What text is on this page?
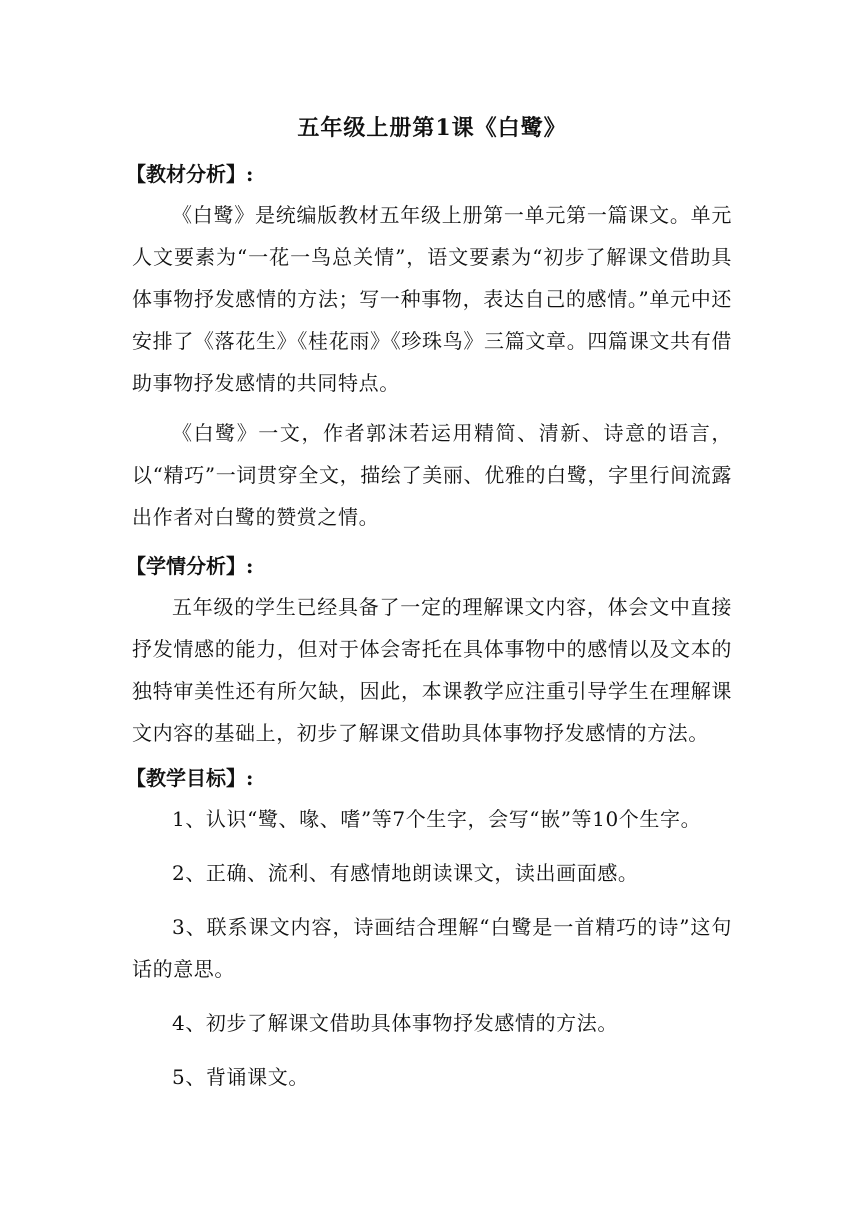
五年级上册第1课《白鹭》
【教材分析】:

《白鹭》是统编版教材五年级上册第一单元第一篇课文。单元人文要素为“一花一鸟总关情”，语文要素为“初步了解课文借助具体事物抒发感情的方法；写一种事物，表达自己的感情。”单元中还安排了《落花生》《桂花雨》《珍珠鸟》三篇文章。四篇课文共有借助事物抒发感情的共同特点。

《白鹭》一文，作者郭沫若运用精简、清新、诗意的语言，以“精巧”一词贯穿全文，描绘了美丽、优雅的白鹭，字里行间流露出作者对白鹭的赞赏之情。

【学情分析】:

五年级的学生已经具备了一定的理解课文内容，体会文中直接抒发情感的能力，但对于体会寄托在具体事物中的感情以及文本的独特审美性还有所欠缺，因此，本课教学应注重引导学生在理解课文内容的基础上，初步了解课文借助具体事物抒发感情的方法。

【教学目标】:

1、认识“鹭、喙、嗜”等7个生字，会写“嵌”等10个生字。

2、正确、流利、有感情地朗读课文，读出画面感。

3、联系课文内容，诗画结合理解“白鹭是一首精巧的诗”这句话的意思。

4、初步了解课文借助具体事物抒发感情的方法。

5、背诵课文。
